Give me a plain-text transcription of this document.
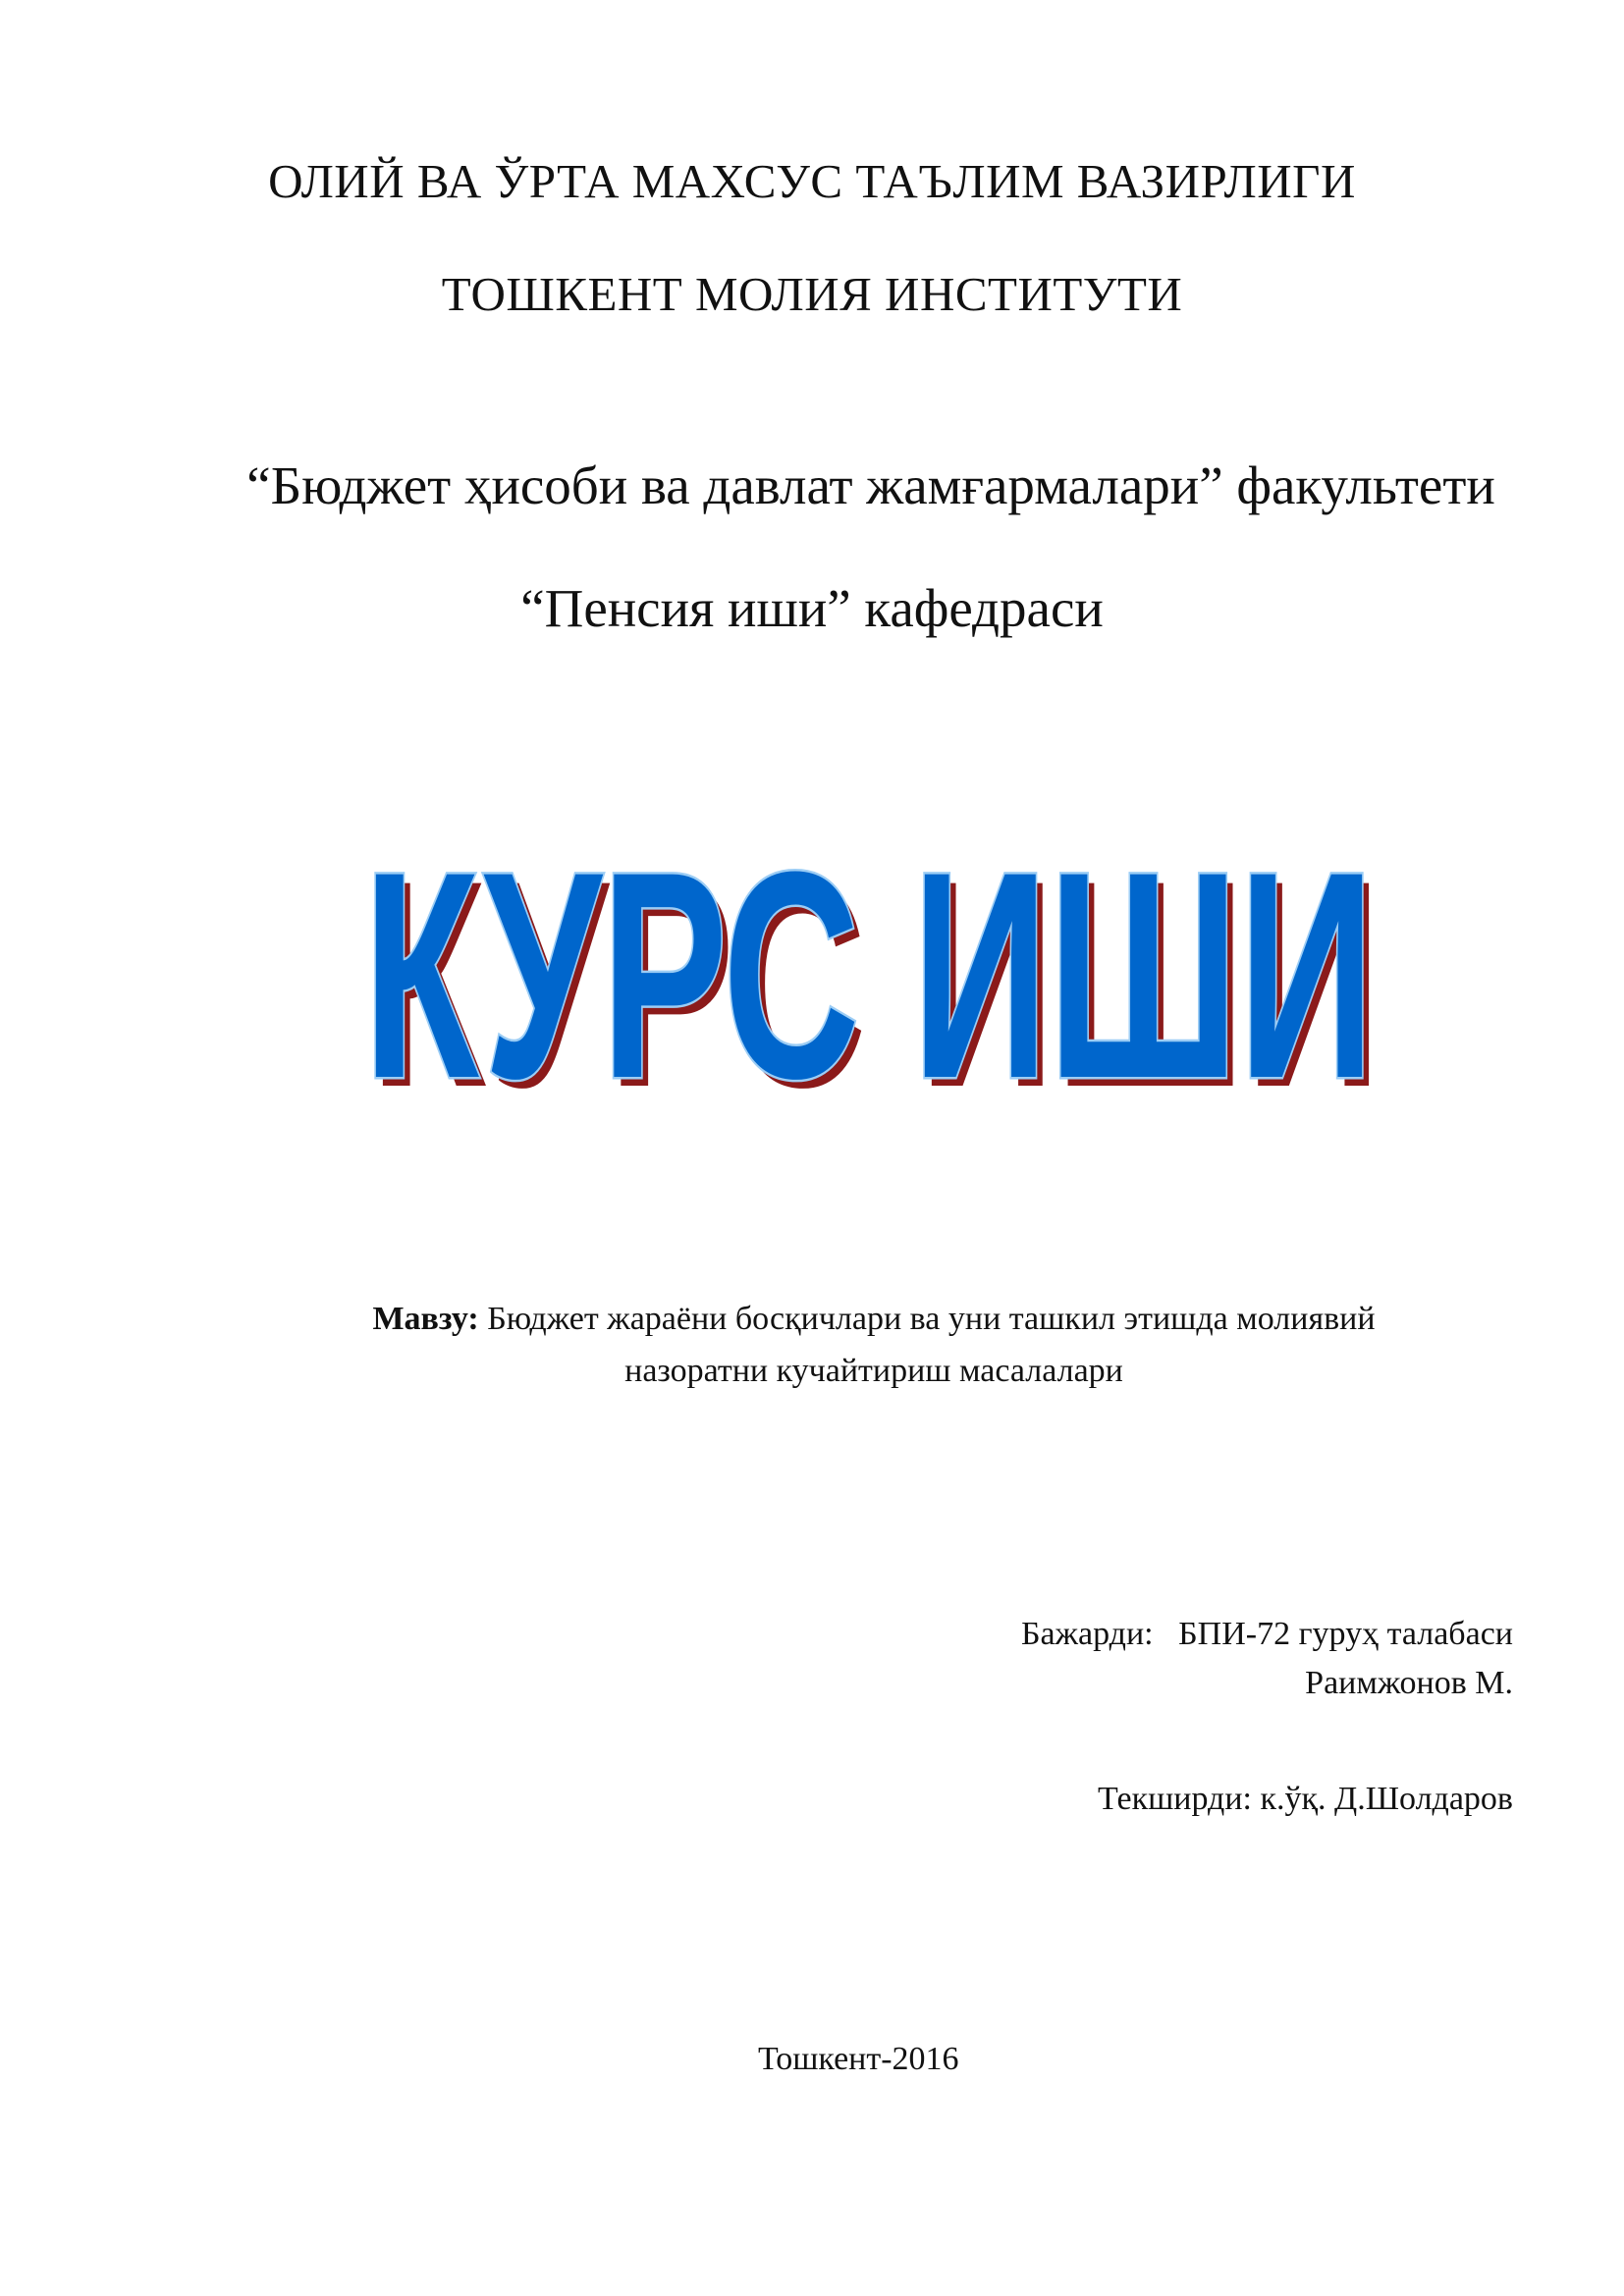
ОЛИЙ ВА ЎРТА МАХСУС ТАЪЛИМ ВАЗИРЛИГИ
ТОШКЕНТ МОЛИЯ ИНСТИТУТИ
“Бюджет ҳисоби ва давлат жамғармалари” факультети
“Пенсия иши” кафедраси
КУРС ИШИ
КУРС ИШИ
Мавзу: Бюджет жараёни босқичлари ва уни ташкил этишда молиявий
назоратни кучайтириш масалалари
Бажарди: БПИ-72 гуруҳ талабаси
Раимжонов М.
Текширди: к.ўқ. Д.Шолдаров
Тошкент-2016
